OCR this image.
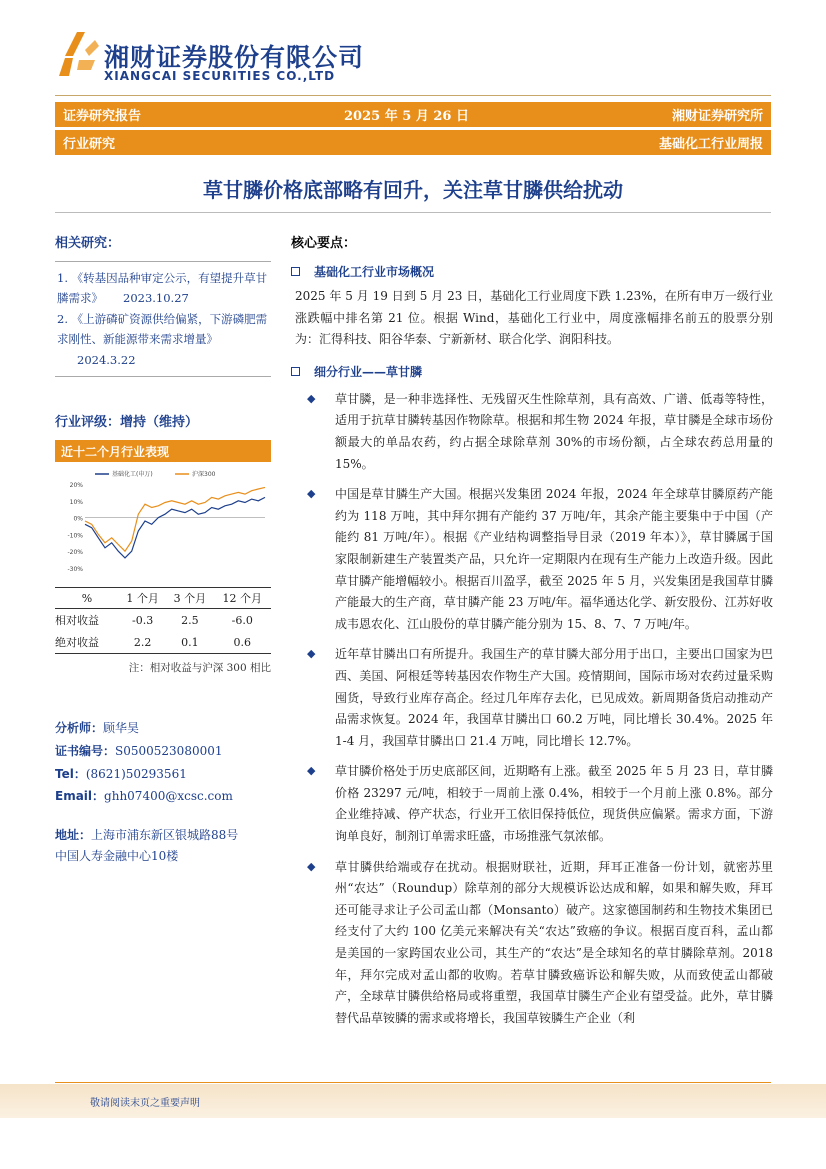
湘财证券股份有限公司
XIANGCAI SECURITIES CO.,LTD
证券研究报告	2025 年 5 月 26 日	湘财证券研究所
行业研究	基础化工行业周报
草甘膦价格底部略有回升，关注草甘膦供给扰动
相关研究：
1. 《转基因品种审定公示，有望提升草甘膦需求》 2023.10.27
2. 《上游磷矿资源供给偏紧，下游磷肥需求刚性、新能源带来需求增量》2024.3.22
行业评级：增持（维持）
近十二个月行业表现
20%
10%
0%
-10%
-20%
-30%
基础化工(申万)	沪深300
%	1 个月	3 个月	12 个月
相对收益	-0.3	2.5	-6.0
绝对收益	2.2	0.1	0.6
注：相对收益与沪深 300 相比
分析师：顾华昊
证书编号：S0500523080001
Tel：(8621)50293561
Email：ghh07400@xcsc.com
地址：上海市浦东新区银城路88号
中国人寿金融中心10楼
核心要点：
基础化工行业市场概况
2025 年 5 月 19 日到 5 月 23 日，基础化工行业周度下跌 1.23%，在所有申万一级行业涨跌幅中排名第 21 位。根据 Wind，基础化工行业中，周度涨幅排名前五的股票分别为：汇得科技、阳谷华泰、宁新新材、联合化学、润阳科技。
细分行业——草甘膦
◆	草甘膦，是一种非选择性、无残留灭生性除草剂，具有高效、广谱、低毒等特性，适用于抗草甘膦转基因作物除草。根据和邦生物 2024 年报，草甘膦是全球市场份额最大的单品农药，约占据全球除草剂 30%的市场份额，占全球农药总用量的 15%。
◆	中国是草甘膦生产大国。根据兴发集团 2024 年报，2024 年全球草甘膦原药产能约为 118 万吨，其中拜尔拥有产能约 37 万吨/年，其余产能主要集中于中国（产能约 81 万吨/年）。根据《产业结构调整指导目录（2019 年本）》，草甘膦属于国家限制新建生产装置类产品，只允许一定期限内在现有生产能力上改造升级。因此草甘膦产能增幅较小。根据百川盈孚，截至 2025 年 5 月，兴发集团是我国草甘膦产能最大的生产商，草甘膦产能 23 万吨/年。福华通达化学、新安股份、江苏好收成韦恩农化、江山股份的草甘膦产能分别为 15、8、7、7 万吨/年。
◆	近年草甘膦出口有所提升。我国生产的草甘膦大部分用于出口，主要出口国家为巴西、美国、阿根廷等转基因农作物生产大国。疫情期间，国际市场对农药过量采购囤货，导致行业库存高企。经过几年库存去化，已见成效。新周期备货启动推动产品需求恢复。2024 年，我国草甘膦出口 60.2 万吨，同比增长 30.4%。2025 年 1-4 月，我国草甘膦出口 21.4 万吨，同比增长 12.7%。
◆	草甘膦价格处于历史底部区间，近期略有上涨。截至 2025 年 5 月 23 日，草甘膦价格 23297 元/吨，相较于一周前上涨 0.4%，相较于一个月前上涨 0.8%。部分企业维持减、停产状态，行业开工依旧保持低位，现货供应偏紧。需求方面，下游询单良好，制剂订单需求旺盛，市场推涨气氛浓郁。
◆	草甘膦供给端或存在扰动。根据财联社，近期，拜耳正准备一份计划，就密苏里州“农达”（Roundup）除草剂的部分大规模诉讼达成和解，如果和解失败，拜耳还可能寻求让子公司孟山都（Monsanto）破产。这家德国制药和生物技术集团已经支付了大约 100 亿美元来解决有关“农达”致癌的争议。根据百度百科，孟山都是美国的一家跨国农业公司，其生产的“农达”是全球知名的草甘膦除草剂。2018 年，拜尔完成对孟山都的收购。若草甘膦致癌诉讼和解失败，从而致使孟山都破产，全球草甘膦供给格局或将重塑，我国草甘膦生产企业有望受益。此外，草甘膦替代品草铵膦的需求或将增长，我国草铵膦生产企业（利
敬请阅读末页之重要声明
